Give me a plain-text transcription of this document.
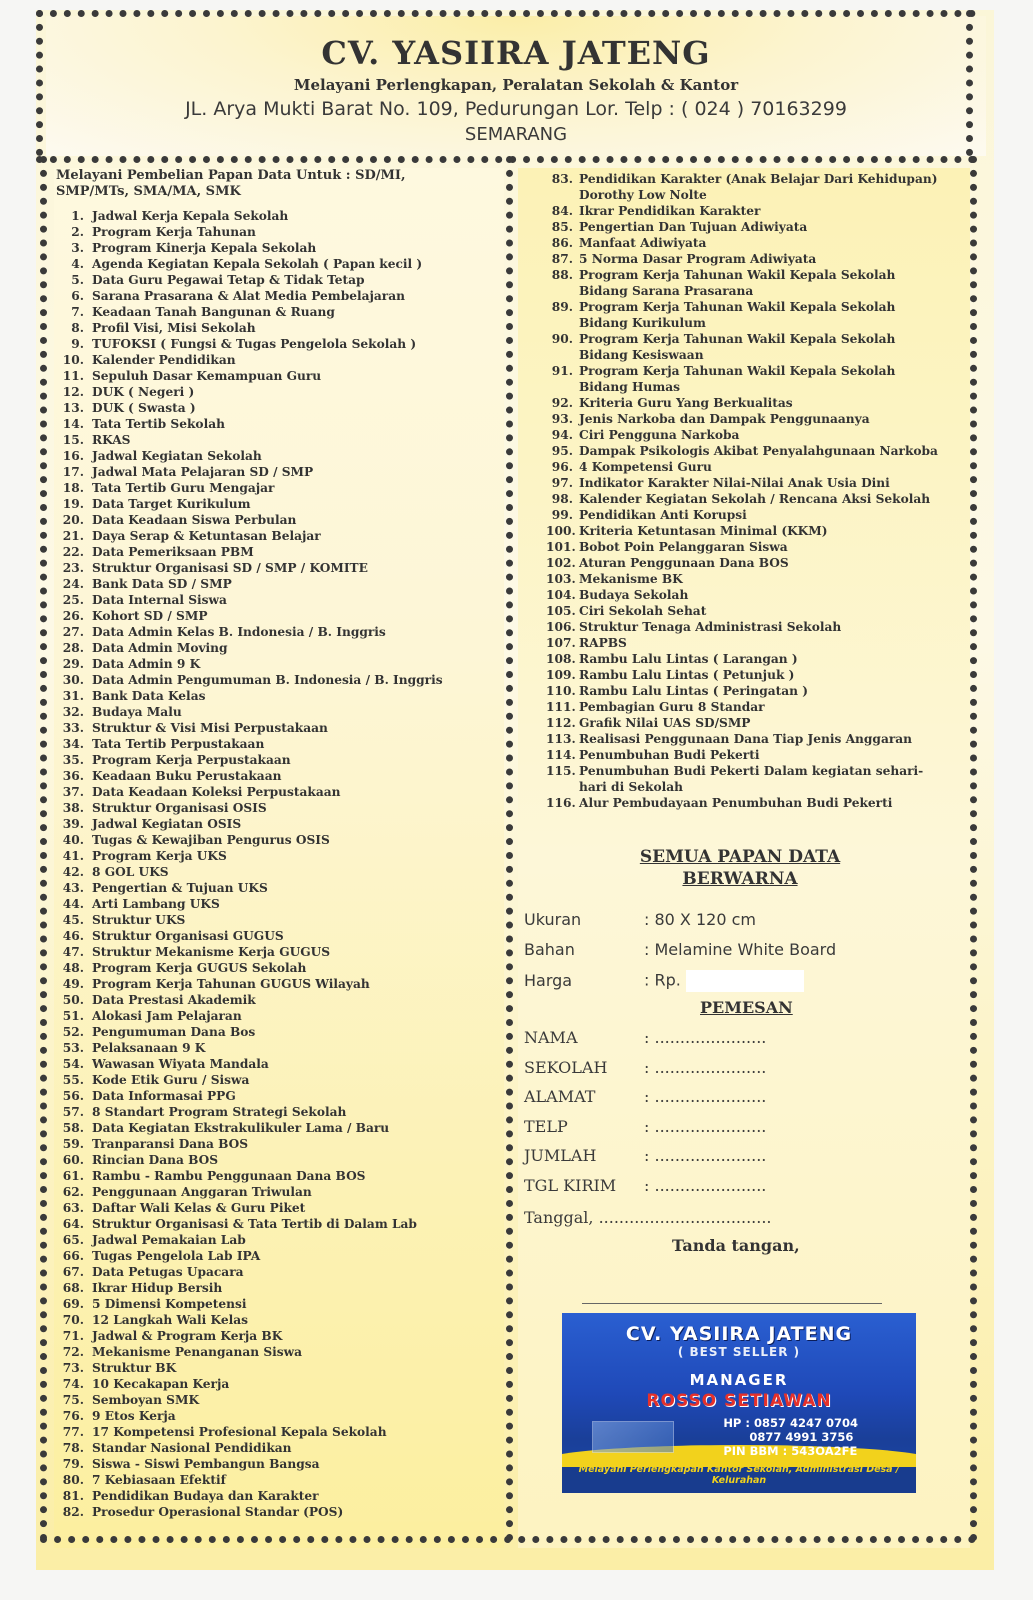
CV. YASIIRA JATENG
Melayani Perlengkapan, Peralatan Sekolah & Kantor
JL. Arya Mukti Barat No. 109, Pedurungan Lor. Telp : ( 024 ) 70163299
SEMARANG
Melayani Pembelian Papan Data Untuk : SD/MI,
SMP/MTs, SMA/MA, SMK
1. Jadwal Kerja Kepala Sekolah
2. Program Kerja Tahunan
3. Program Kinerja Kepala Sekolah
4. Agenda Kegiatan Kepala Sekolah ( Papan kecil )
5. Data Guru Pegawai Tetap & Tidak Tetap
6. Sarana Prasarana & Alat Media Pembelajaran
7. Keadaan Tanah Bangunan & Ruang
8. Profil Visi, Misi Sekolah
9. TUFOKSI ( Fungsi & Tugas Pengelola Sekolah )
10. Kalender Pendidikan
11. Sepuluh Dasar Kemampuan Guru
12. DUK ( Negeri )
13. DUK ( Swasta )
14. Tata Tertib Sekolah
15. RKAS
16. Jadwal Kegiatan Sekolah
17. Jadwal Mata Pelajaran SD / SMP
18. Tata Tertib Guru Mengajar
19. Data Target Kurikulum
20. Data Keadaan Siswa Perbulan
21. Daya Serap & Ketuntasan Belajar
22. Data Pemeriksaan PBM
23. Struktur Organisasi SD / SMP / KOMITE
24. Bank Data SD / SMP
25. Data Internal Siswa
26. Kohort SD / SMP
27. Data Admin Kelas B. Indonesia / B. Inggris
28. Data Admin Moving
29. Data Admin 9 K
30. Data Admin Pengumuman B. Indonesia / B. Inggris
31. Bank Data Kelas
32. Budaya Malu
33. Struktur & Visi Misi Perpustakaan
34. Tata Tertib Perpustakaan
35. Program Kerja Perpustakaan
36. Keadaan Buku Perustakaan
37. Data Keadaan Koleksi Perpustakaan
38. Struktur Organisasi OSIS
39. Jadwal Kegiatan OSIS
40. Tugas & Kewajiban Pengurus OSIS
41. Program Kerja UKS
42.8 GOL UKS
43. Pengertian & Tujuan UKS
44. Arti Lambang UKS
45. Struktur UKS
46. Struktur Organisasi GUGUS
47. Struktur Mekanisme Kerja GUGUS
48. Program Kerja GUGUS Sekolah
49. Program Kerja Tahunan GUGUS Wilayah
50. Data Prestasi Akademik
51. Alokasi Jam Pelajaran
52. Pengumuman Dana Bos
53. Pelaksanaan 9 K
54. Wawasan Wiyata Mandala
55. Kode Etik Guru / Siswa
56. Data Informasai PPG
57. 8 Standart Program Strategi Sekolah
58. Data Kegiatan Ekstrakulikuler Lama / Baru
59. Tranparansi Dana BOS
60. Rincian Dana BOS
61. Rambu - Rambu Penggunaan Dana BOS
62. Penggunaan Anggaran Triwulan
63. Daftar Wali Kelas & Guru Piket
64. Struktur Organisasi & Tata Tertib di Dalam Lab
65. Jadwal Pemakaian Lab
66. Tugas Pengelola Lab IPA
67. Data Petugas Upacara
68. Ikrar Hidup Bersih
69. 5 Dimensi Kompetensi
70. 12 Langkah Wali Kelas
71. Jadwal & Program Kerja BK
72. Mekanisme Penanganan Siswa
73. Struktur BK
74. 10 Kecakapan Kerja
75. Semboyan SMK
76. 9 Etos Kerja
77. 17 Kompetensi Profesional Kepala Sekolah
78. Standar Nasional Pendidikan
79. Siswa - Siswi Pembangun Bangsa
80. 7 Kebiasaan Efektif
81. Pendidikan Budaya dan Karakter
82. Prosedur Operasional Standar (POS)
83. Pendidikan Karakter (Anak Belajar Dari Kehidupan)
Dorothy Low Nolte
84. Ikrar Pendidikan Karakter
85. Pengertian Dan Tujuan Adiwiyata
86. Manfaat Adiwiyata
87. 5 Norma Dasar Program Adiwiyata
88. Program Kerja Tahunan Wakil Kepala Sekolah
Bidang Sarana Prasarana
89. Program Kerja Tahunan Wakil Kepala Sekolah
Bidang Kurikulum
90. Program Kerja Tahunan Wakil Kepala Sekolah
Bidang Kesiswaan
91. Program Kerja Tahunan Wakil Kepala Sekolah
Bidang Humas
92. Kriteria Guru Yang Berkualitas
93. Jenis Narkoba dan Dampak Penggunaanya
94. Ciri Pengguna Narkoba
95. Dampak Psikologis Akibat Penyalahgunaan Narkoba
96. 4 Kompetensi Guru
97. Indikator Karakter Nilai-Nilai Anak Usia Dini
98. Kalender Kegiatan Sekolah / Rencana Aksi Sekolah
99. Pendidikan Anti Korupsi
100. Kriteria Ketuntasan Minimal (KKM)
101. Bobot Poin Pelanggaran Siswa
102. Aturan Penggunaan Dana BOS
103. Mekanisme BK
104. Budaya Sekolah
105. Ciri Sekolah Sehat
106. Struktur Tenaga Administrasi Sekolah
107. RAPBS
108. Rambu Lalu Lintas ( Larangan )
109. Rambu Lalu Lintas ( Petunjuk )
110. Rambu Lalu Lintas ( Peringatan )
111. Pembagian Guru 8 Standar
112. Grafik Nilai UAS SD/SMP
113. Realisasi Penggunaan Dana Tiap Jenis Anggaran
114. Penumbuhan Budi Pekerti
115. Penumbuhan Budi Pekerti Dalam kegiatan sehari-
hari di Sekolah
116. Alur Pembudayaan Penumbuhan Budi Pekerti
SEMUA PAPAN DATA
BERWARNA
Ukuran	: 80 X 120 cm
Bahan	: Melamine White Board
Harga	: Rp.
PEMESAN
NAMA	: ......................
SEKOLAH : ......................
ALAMAT	: ......................
TELP	: ......................
JUMLAH	: ......................
TGL KIRIM : ......................
Tanggal, ..................................
Tanda tangan,
CV. YASIIRA JATENG
( BEST SELLER )
MANAGER
ROSSO SETIAWAN
HP : 0857 4247 0704
0877 4991 3756
PIN BBM : 543OA2FE
Melayani Perlengkapan Kantor Sekolah, Administrasi Desa / Kelurahan
